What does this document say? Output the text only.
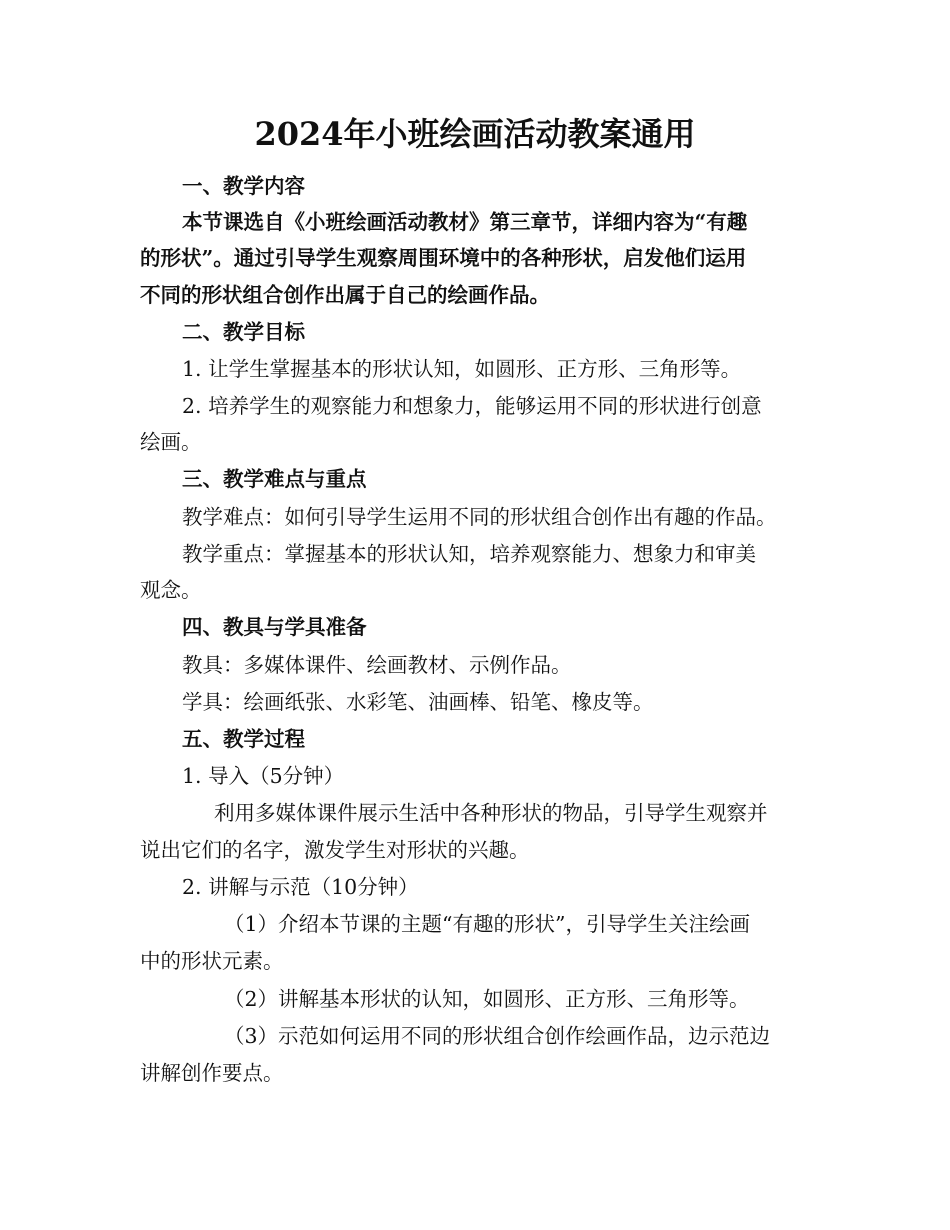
2024年小班绘画活动教案通用

一、教学内容

本节课选自《小班绘画活动教材》第三章节，详细内容为“有趣

的形状”。通过引导学生观察周围环境中的各种形状，启发他们运用

不同的形状组合创作出属于自己的绘画作品。

二、教学目标

1. 让学生掌握基本的形状认知，如圆形、正方形、三角形等。

2. 培养学生的观察能力和想象力，能够运用不同的形状进行创意

绘画。

三、教学难点与重点

教学难点：如何引导学生运用不同的形状组合创作出有趣的作品。

教学重点：掌握基本的形状认知，培养观察能力、想象力和审美

观念。

四、教具与学具准备

教具：多媒体课件、绘画教材、示例作品。

学具：绘画纸张、水彩笔、油画棒、铅笔、橡皮等。

五、教学过程

1. 导入（5分钟）

利用多媒体课件展示生活中各种形状的物品，引导学生观察并

说出它们的名字，激发学生对形状的兴趣。

2. 讲解与示范（10分钟）

（1）介绍本节课的主题“有趣的形状”，引导学生关注绘画

中的形状元素。

（2）讲解基本形状的认知，如圆形、正方形、三角形等。

（3）示范如何运用不同的形状组合创作绘画作品，边示范边

讲解创作要点。
